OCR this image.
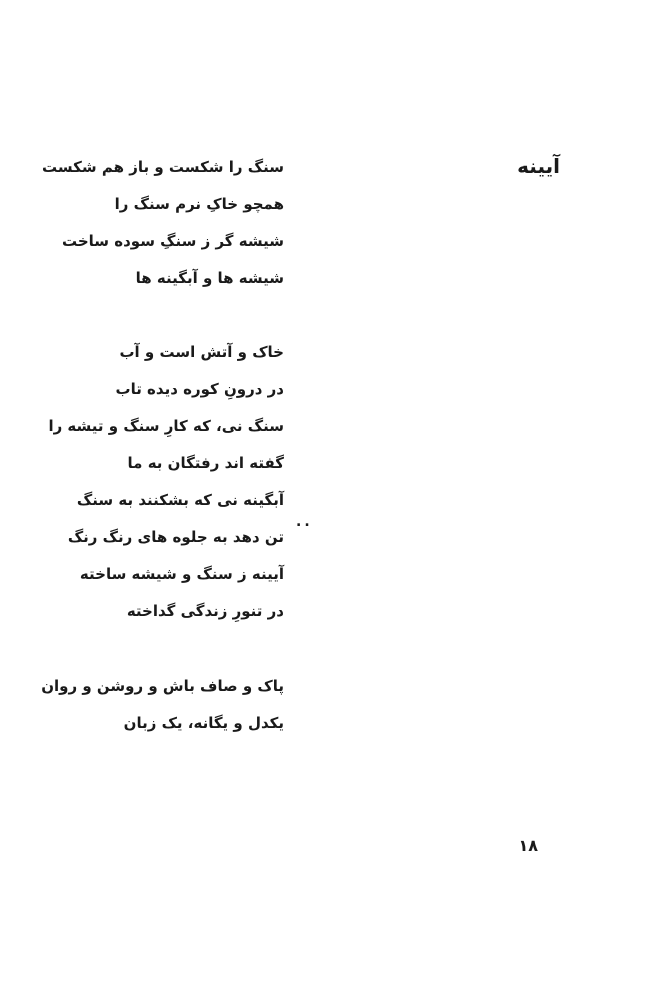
آیینه
سنگ را شکست و باز هم شکست
همچو خاکِ نرم سنگ را
شیشه گر ز سنگِ سوده ساخت
شیشه ها و آبگینه ها
خاک و آتش است و آب
در درونِ کوره دیده تاب
سنگ نی، که کارِ سنگ و تیشه را
گفته اند رفتگان به ما
آبگینه نی که بشکنند به سنگ
تن دهد به جلوه های رنگ رنگ
آیینه ز سنگ و شیشه ساخته
در تنورِ زندگی گداخته
پاک و صاف باش و روشن و روان
یکدل و یگانه، یک زبان
..
۱۸
